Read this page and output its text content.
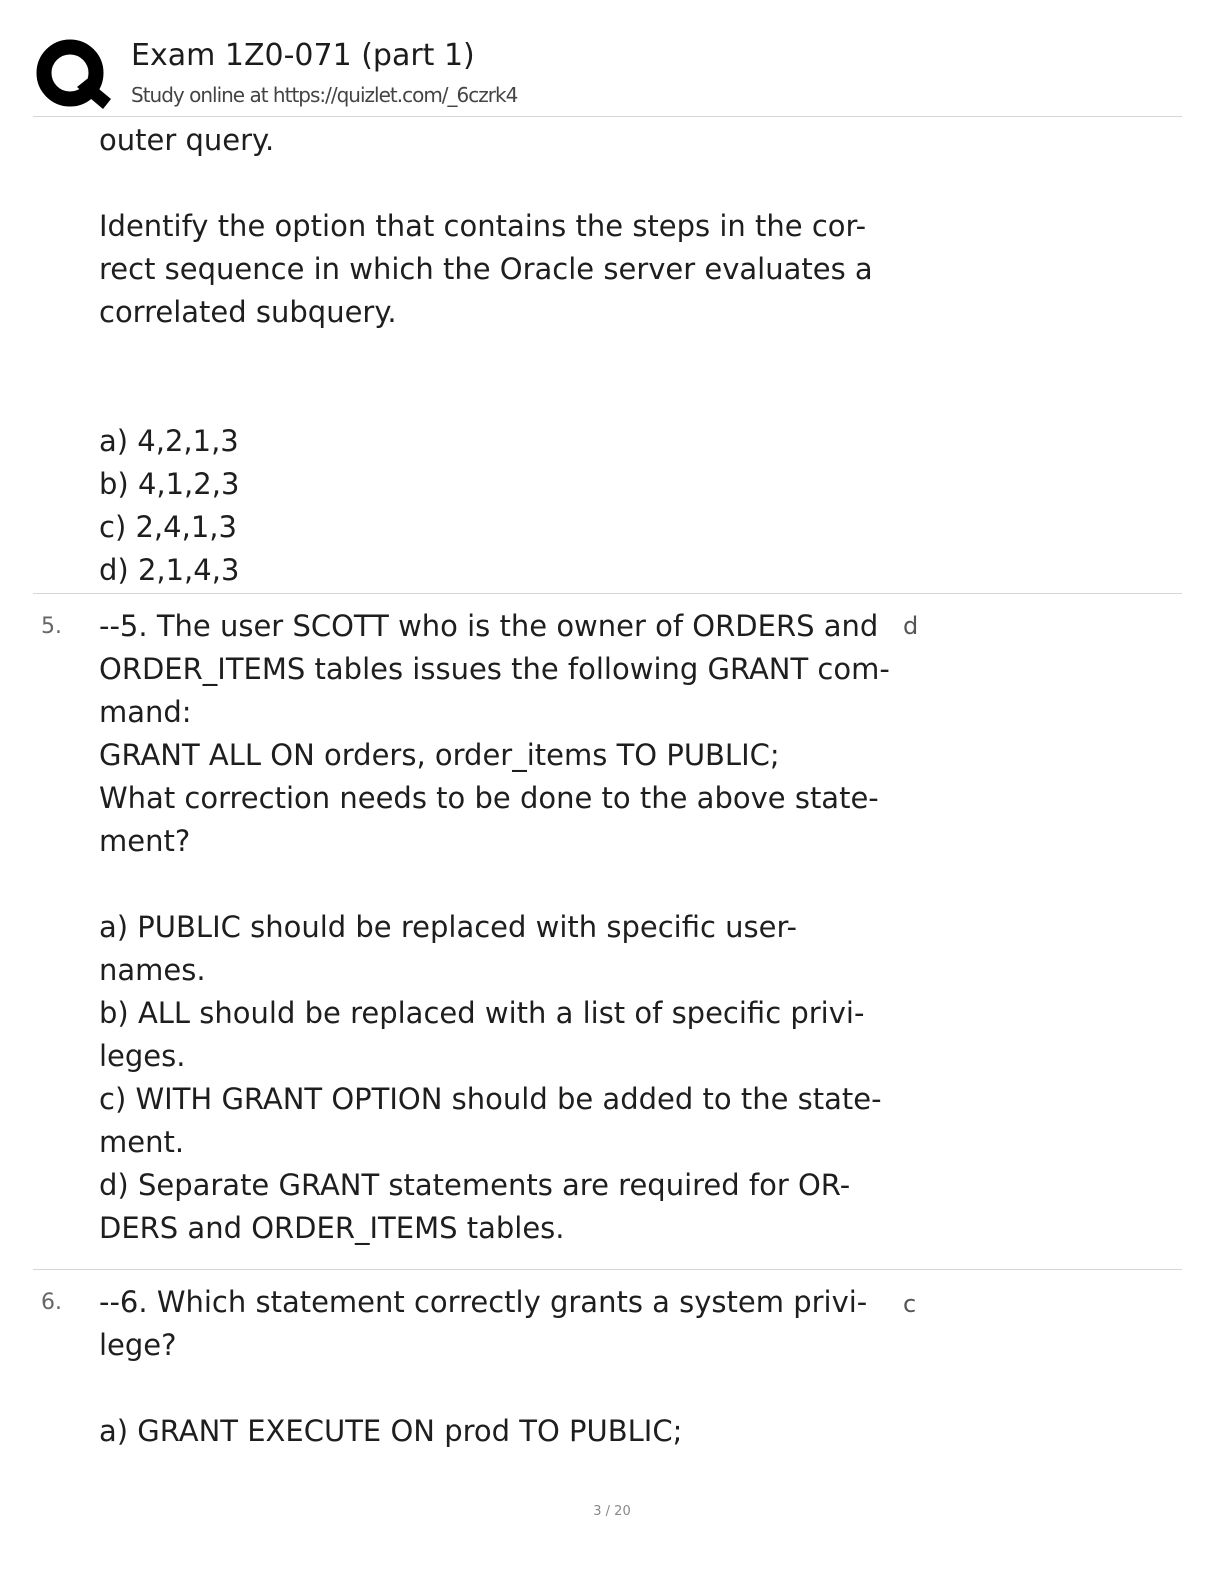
Exam 1Z0-071 (part 1)
Study online at https://quizlet.com/_6czrk4
outer query.
Identify the option that contains the steps in the cor-
rect sequence in which the Oracle server evaluates a
correlated subquery.
a) 4,2,1,3
b) 4,1,2,3
c) 2,4,1,3
d) 2,1,4,3
5. --5. The user SCOTT who is the owner of ORDERS and
ORDER_ITEMS tables issues the following GRANT com-
mand:
GRANT ALL ON orders, order_items TO PUBLIC;
What correction needs to be done to the above state-
ment?
a) PUBLIC should be replaced with specific user-
names.
b) ALL should be replaced with a list of specific privi-
leges.
c) WITH GRANT OPTION should be added to the state-
ment.
d) Separate GRANT statements are required for OR-
DERS and ORDER_ITEMS tables.
d
6. --6. Which statement correctly grants a system privi-
lege?
a) GRANT EXECUTE ON prod TO PUBLIC;
c
3 / 20
